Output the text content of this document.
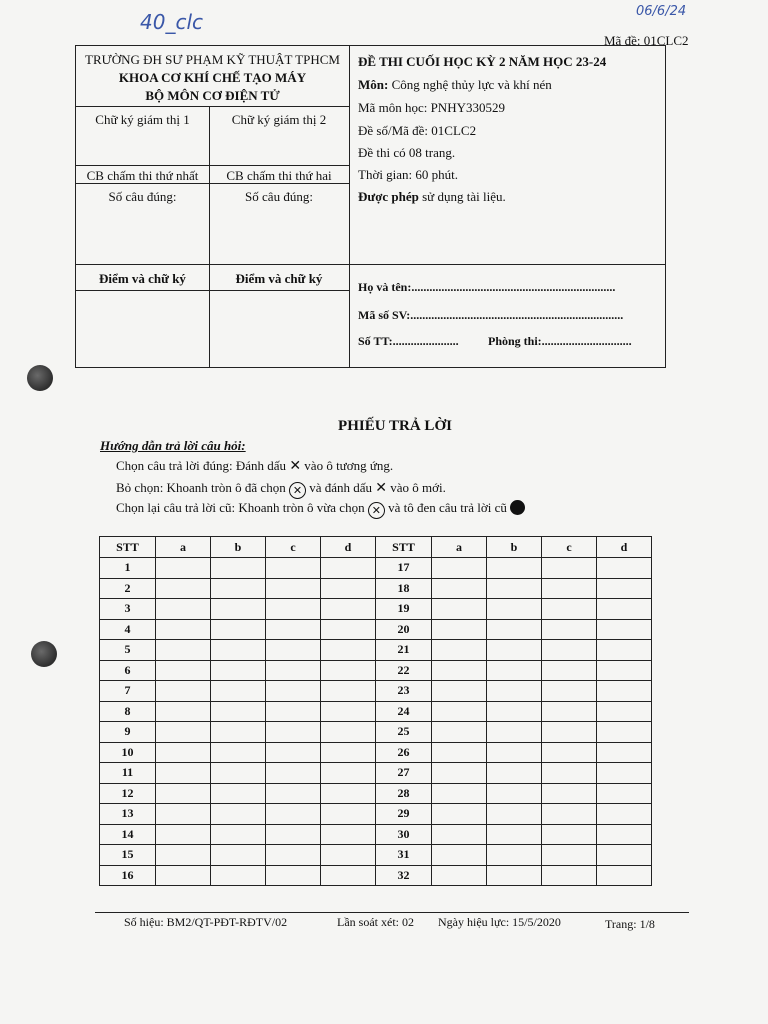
40_clc	06/6/24
Mã đề: 01CLC2
TRƯỜNG ĐH SƯ PHẠM KỸ THUẬT TPHCM
KHOA CƠ KHÍ CHẾ TẠO MÁY
BỘ MÔN CƠ ĐIỆN TỬ
Chữ ký giám thị 1	Chữ ký giám thị 2
CB chấm thi thứ nhất	CB chấm thi thứ hai
Số câu đúng:	Số câu đúng:
Điểm và chữ ký	Điểm và chữ ký
ĐỀ THI CUỐI HỌC KỲ 2 NĂM HỌC 23-24
Môn: Công nghệ thủy lực và khí nén
Mã môn học: PNHY330529
Đề số/Mã đề: 01CLC2
Đề thi có 08 trang.
Thời gian: 60 phút.
Được phép sử dụng tài liệu.
Họ và tên:....................................................................
Mã số SV:.......................................................................
Số TT:...................... Phòng thi:..............................
PHIẾU TRẢ LỜI
Hướng dẫn trả lời câu hỏi:
Chọn câu trả lời đúng: Đánh dấu ✕ vào ô tương ứng.
Bỏ chọn: Khoanh tròn ô đã chọn ✕ và đánh dấu ✕ vào ô mới.
Chọn lại câu trả lời cũ: Khoanh tròn ô vừa chọn ✕ và tô đen câu trả lời cũ
STT	a	b	c	d	STT	a	b	c	d
1					17				
2					18				
3					19				
4					20				
5					21				
6					22				
7					23				
8					24				
9					25				
10					26				
11					27				
12					28				
13					29				
14					30				
15					31				
16					32				
Số hiệu: BM2/QT-PĐT-RĐTV/02	Lần soát xét: 02 Ngày hiệu lực: 15/5/2020	Trang: 1/8
